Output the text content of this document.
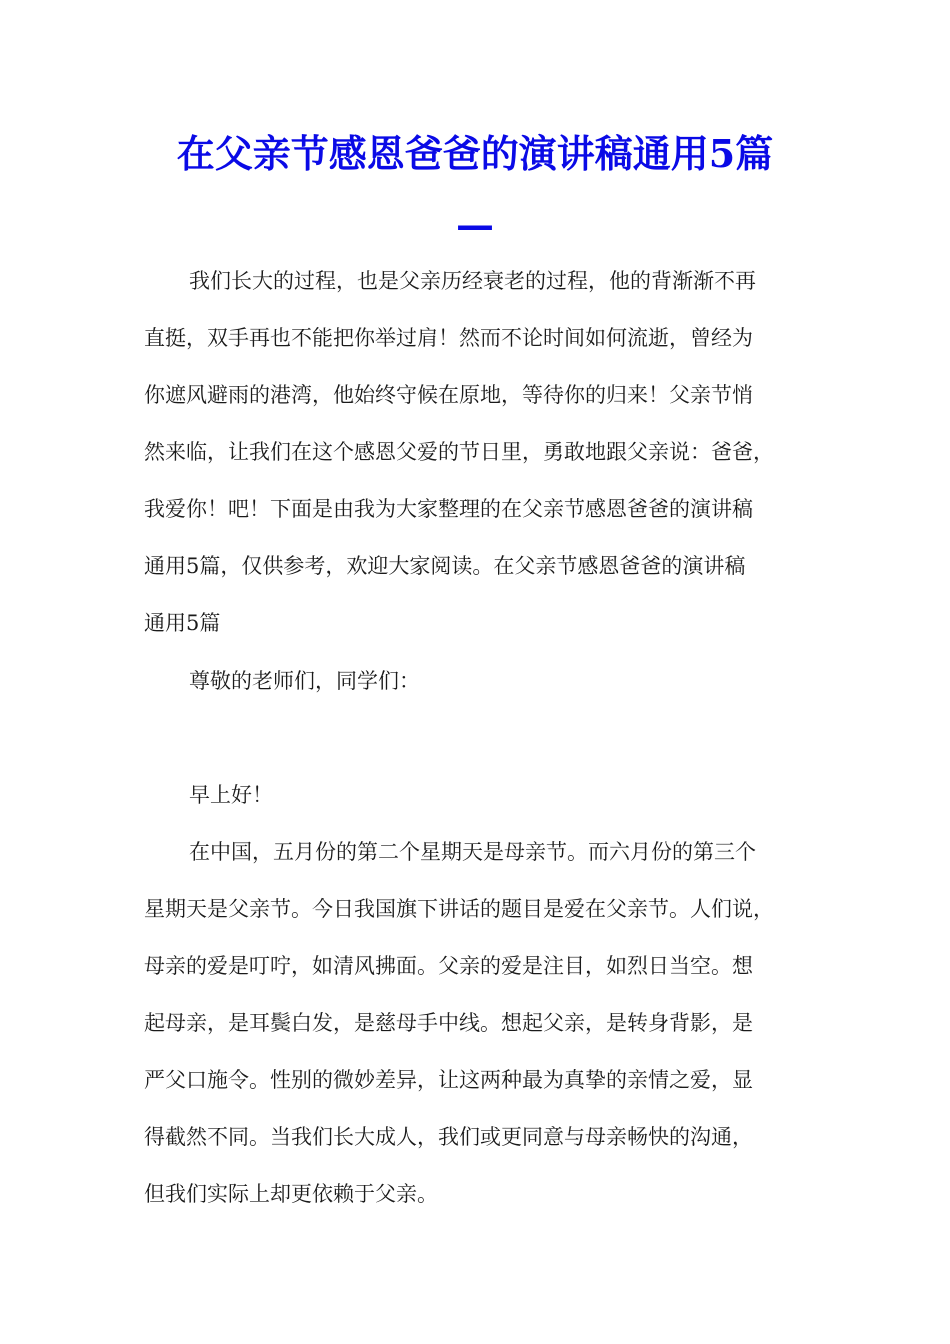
在父亲节感恩爸爸的演讲稿通用5篇
—
我们长大的过程，也是父亲历经衰老的过程，他的背渐渐不再
直挺，双手再也不能把你举过肩！然而不论时间如何流逝，曾经为
你遮风避雨的港湾，他始终守候在原地，等待你的归来！父亲节悄
然来临，让我们在这个感恩父爱的节日里，勇敢地跟父亲说：爸爸，
我爱你！吧！下面是由我为大家整理的在父亲节感恩爸爸的演讲稿
通用5篇，仅供参考，欢迎大家阅读。在父亲节感恩爸爸的演讲稿
通用5篇
尊敬的老师们，同学们：
早上好！
在中国，五月份的第二个星期天是母亲节。而六月份的第三个
星期天是父亲节。今日我国旗下讲话的题目是爱在父亲节。人们说，
母亲的爱是叮咛，如清风拂面。父亲的爱是注目，如烈日当空。想
起母亲，是耳鬓白发，是慈母手中线。想起父亲，是转身背影，是
严父口施令。性别的微妙差异，让这两种最为真挚的亲情之爱，显
得截然不同。当我们长大成人，我们或更同意与母亲畅快的沟通，
但我们实际上却更依赖于父亲。
